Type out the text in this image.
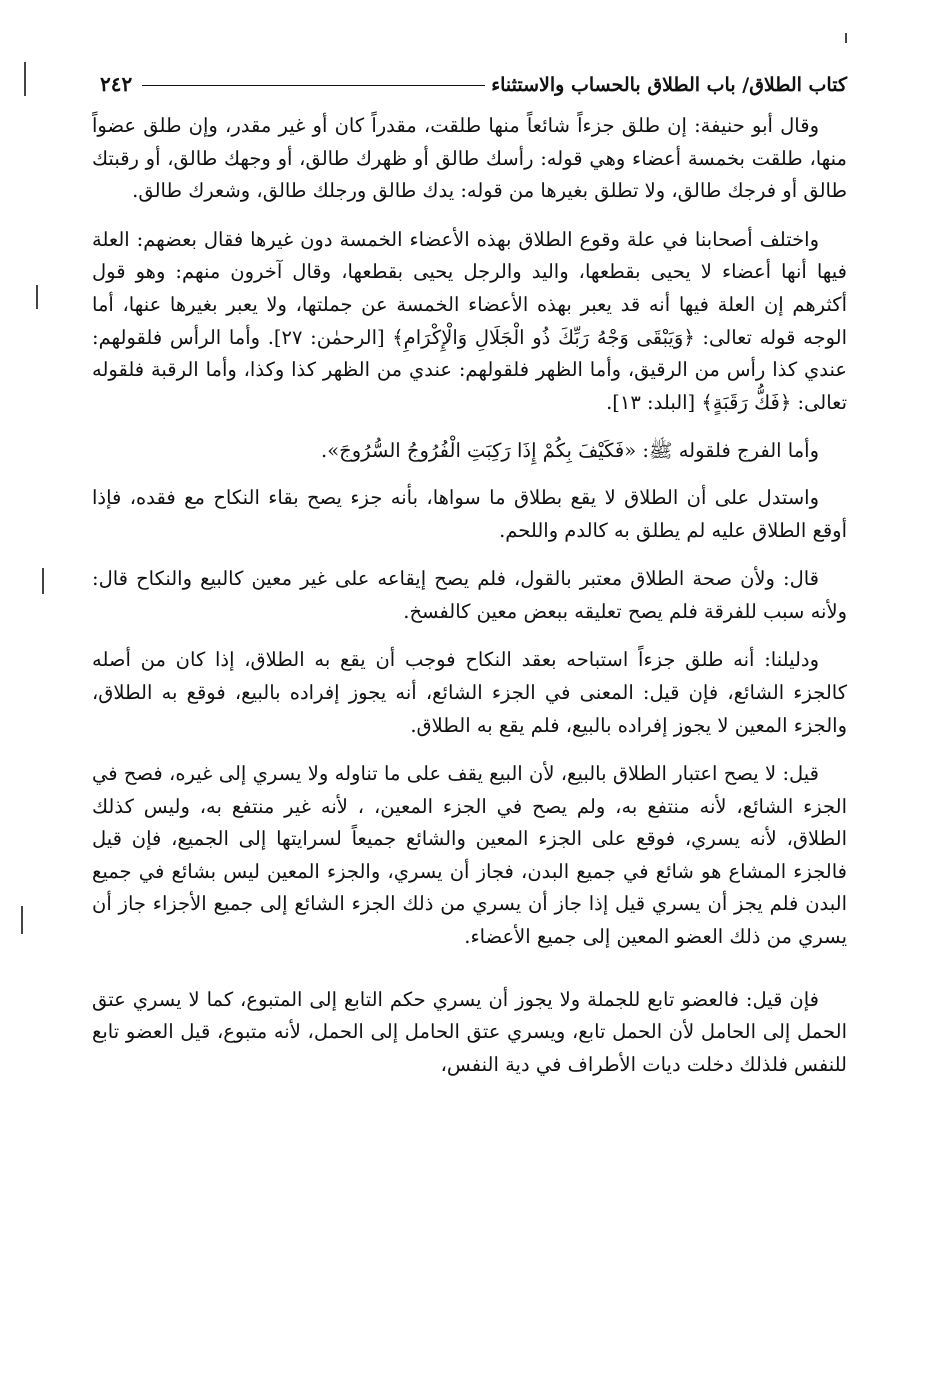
كتاب الطلاق/ باب الطلاق بالحساب والاستثناء
٢٤٢

وقال أبو حنيفة: إن طلق جزءاً شائعاً منها طلقت، مقدراً كان أو غير مقدر، وإن طلق عضواً منها، طلقت بخمسة أعضاء وهي قوله: رأسك طالق أو ظهرك طالق، أو وجهك طالق، أو رقبتك طالق أو فرجك طالق، ولا تطلق بغيرها من قوله: يدك طالق ورجلك طالق، وشعرك طالق.

واختلف أصحابنا في علة وقوع الطلاق بهذه الأعضاء الخمسة دون غيرها فقال بعضهم: العلة فيها أنها أعضاء لا يحيى بقطعها، واليد والرجل يحيى بقطعها، وقال آخرون منهم: وهو قول أكثرهم إن العلة فيها أنه قد يعبر بهذه الأعضاء الخمسة عن جملتها، ولا يعبر بغيرها عنها، أما الوجه قوله تعالى: ﴿وَيَبْقَى وَجْهُ رَبِّكَ ذُو الْجَلَالِ وَالْإِكْرَامِ﴾ [الرحمٰن: ٢٧]. وأما الرأس فلقولهم: عندي كذا رأس من الرقيق، وأما الظهر فلقولهم: عندي من الظهر كذا وكذا، وأما الرقبة فلقوله تعالى: ﴿فَكُّ رَقَبَةٍ﴾ [البلد: ١٣].

وأما الفرج فلقوله ﷺ: «فَكَيْفَ بِكُمْ إِذَا رَكِبَتِ الْفُرُوجُ السُّرُوجَ».

واستدل على أن الطلاق لا يقع بطلاق ما سواها، بأنه جزء يصح بقاء النكاح مع فقده، فإذا أوقع الطلاق عليه لم يطلق به كالدم واللحم.

قال: ولأن صحة الطلاق معتبر بالقول، فلم يصح إيقاعه على غير معين كالبيع والنكاح قال: ولأنه سبب للفرقة فلم يصح تعليقه ببعض معين كالفسخ.

ودليلنا: أنه طلق جزءاً استباحه بعقد النكاح فوجب أن يقع به الطلاق، إذا كان من أصله كالجزء الشائع، فإن قيل: المعنى في الجزء الشائع، أنه يجوز إفراده بالبيع، فوقع به الطلاق، والجزء المعين لا يجوز إفراده بالبيع، فلم يقع به الطلاق.

قيل: لا يصح اعتبار الطلاق بالبيع، لأن البيع يقف على ما تناوله ولا يسري إلى غيره، فصح في الجزء الشائع، لأنه منتفع به، ولم يصح في الجزء المعين، ، لأنه غير منتفع به، وليس كذلك الطلاق، لأنه يسري، فوقع على الجزء المعين والشائع جميعاً لسرايتها إلى الجميع، فإن قيل فالجزء المشاع هو شائع في جميع البدن، فجاز أن يسري، والجزء المعين ليس بشائع في جميع البدن فلم يجز أن يسري قيل إذا جاز أن يسري من ذلك الجزء الشائع إلى جميع الأجزاء جاز أن يسري من ذلك العضو المعين إلى جميع الأعضاء.

فإن قيل: فالعضو تابع للجملة ولا يجوز أن يسري حكم التابع إلى المتبوع، كما لا يسري عتق الحمل إلى الحامل لأن الحمل تابع، ويسري عتق الحامل إلى الحمل، لأنه متبوع، قيل العضو تابع للنفس فلذلك دخلت ديات الأطراف في دية النفس،
